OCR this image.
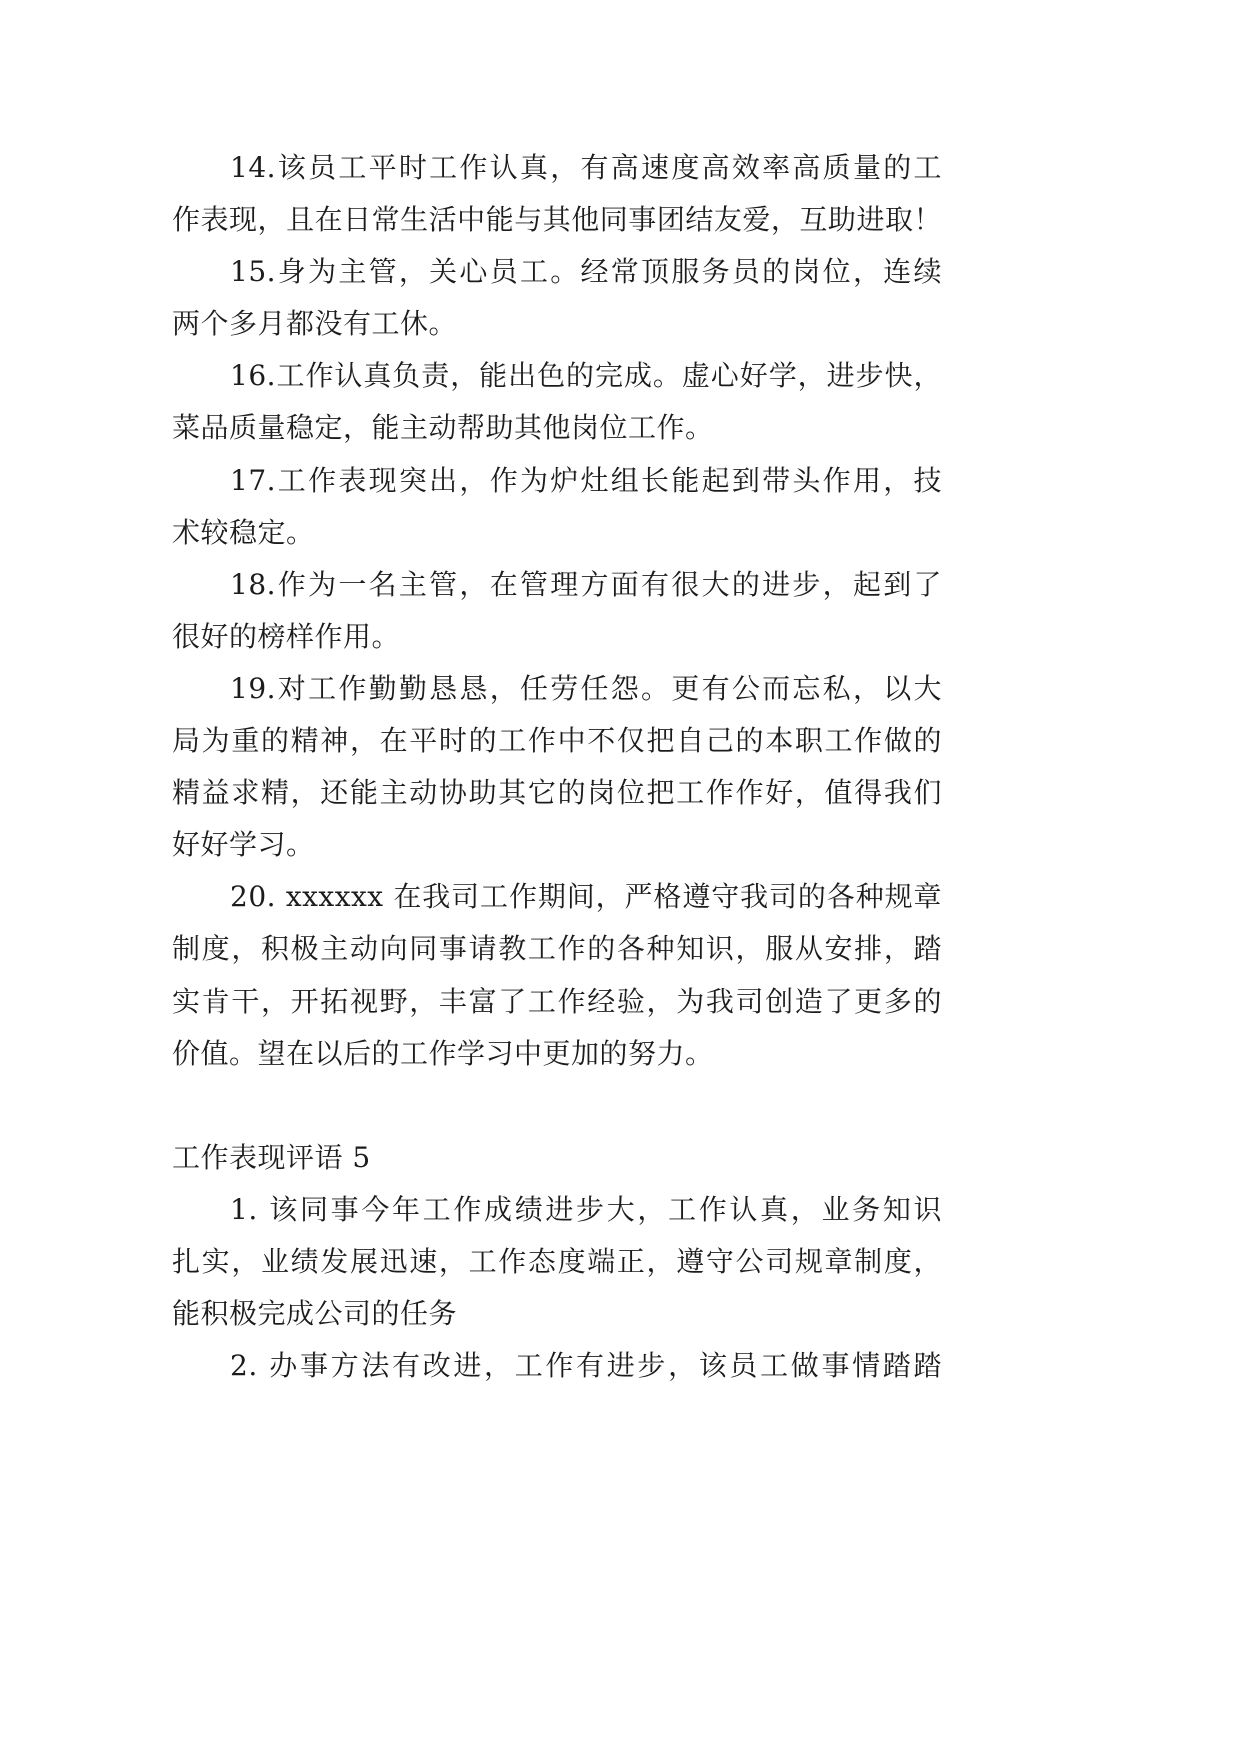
14.该员工平时工作认真，有高速度高效率高质量的工
作表现，且在日常生活中能与其他同事团结友爱，互助进取！
15.身为主管，关心员工。经常顶服务员的岗位，连续
两个多月都没有工休。
16.工作认真负责，能出色的完成。虚心好学，进步快，
菜品质量稳定，能主动帮助其他岗位工作。
17.工作表现突出，作为炉灶组长能起到带头作用，技
术较稳定。
18.作为一名主管，在管理方面有很大的进步，起到了
很好的榜样作用。
19.对工作勤勤恳恳，任劳任怨。更有公而忘私，以大
局为重的精神，在平时的工作中不仅把自己的本职工作做的
精益求精，还能主动协助其它的岗位把工作作好，值得我们
好好学习。
20. xxxxxx 在我司工作期间，严格遵守我司的各种规章
制度，积极主动向同事请教工作的各种知识，服从安排，踏
实肯干，开拓视野，丰富了工作经验，为我司创造了更多的
价值。望在以后的工作学习中更加的努力。
工作表现评语 5
1. 该同事今年工作成绩进步大，工作认真，业务知识
扎实，业绩发展迅速，工作态度端正，遵守公司规章制度，
能积极完成公司的任务
2. 办事方法有改进，工作有进步，该员工做事情踏踏
